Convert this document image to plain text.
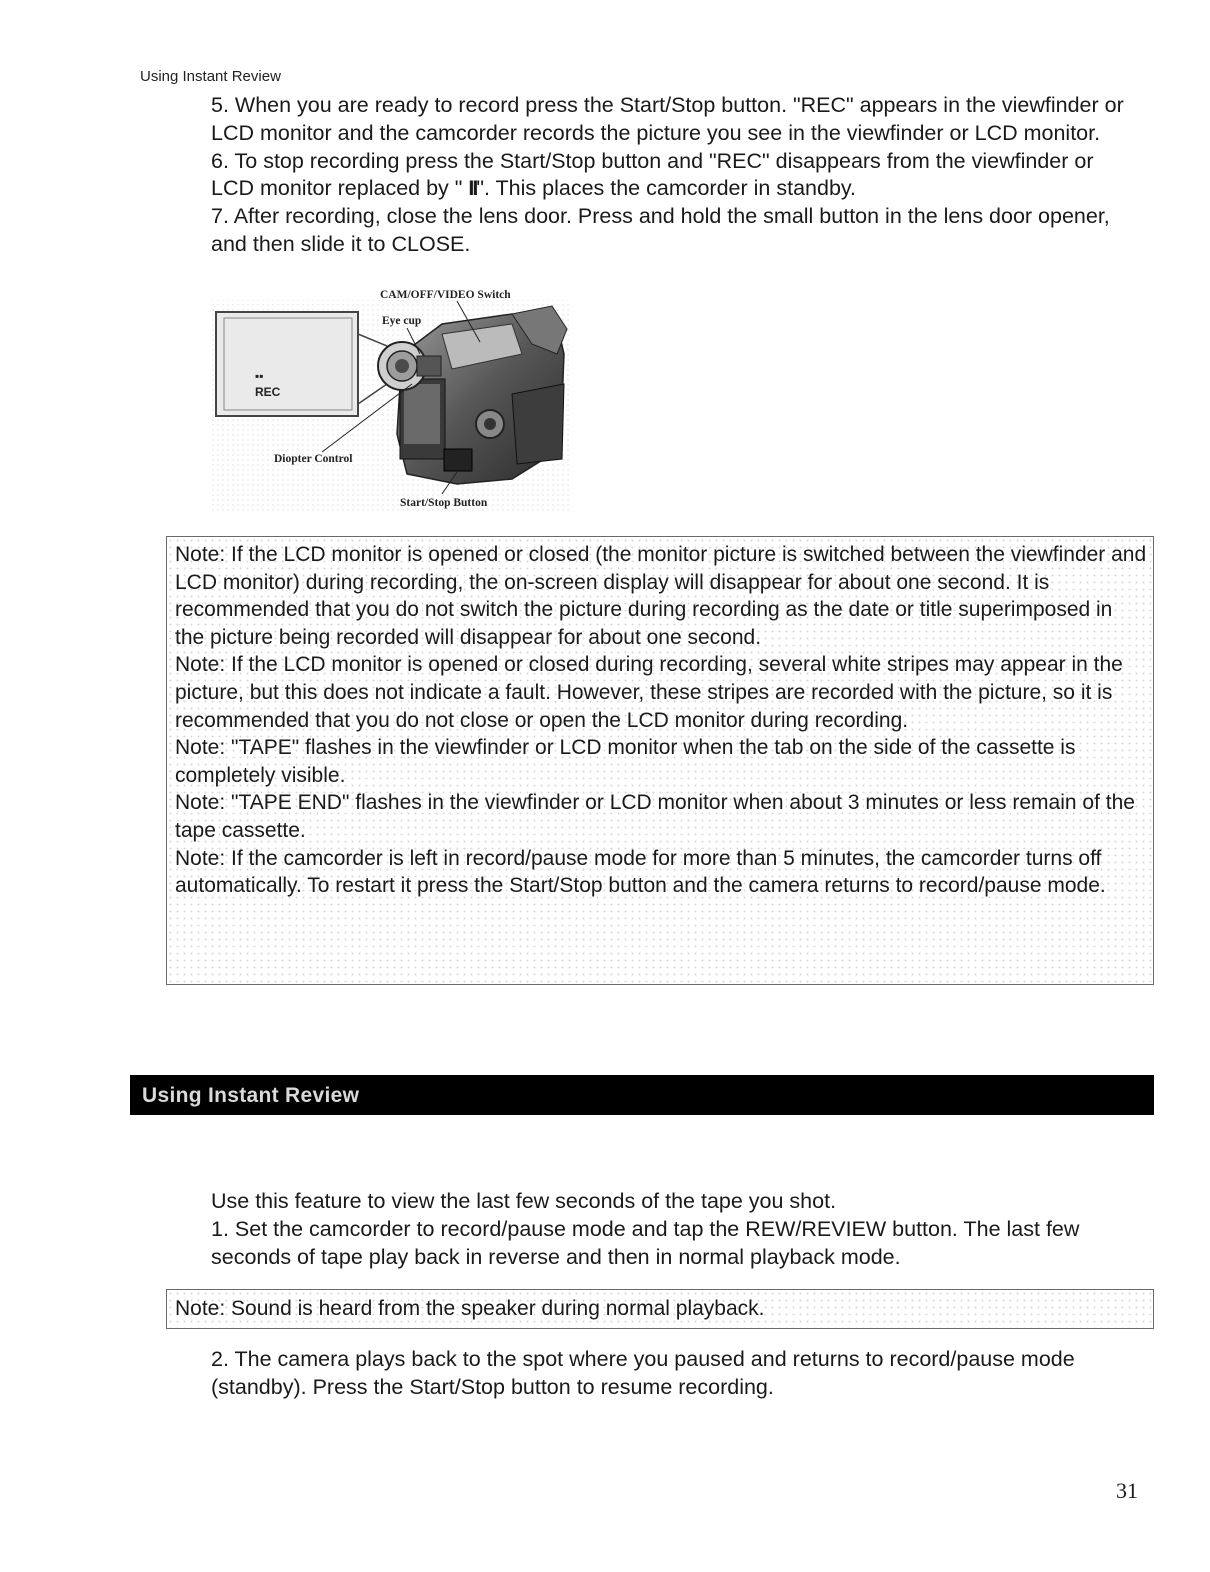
Using Instant Review

5. When you are ready to record press the Start/Stop button. "REC" appears in the viewfinder or LCD monitor and the camcorder records the picture you see in the viewfinder or LCD monitor.

6. To stop recording press the Start/Stop button and "REC" disappears from the viewfinder or LCD monitor replaced by " II". This places the camcorder in standby.

7. After recording, close the lens door. Press and hold the small button in the lens door opener, and then slide it to CLOSE.

▪▪
REC
CAM/OFF/VIDEO Switch
Eye cup
Diopter Control
Start/Stop Button

Note: If the LCD monitor is opened or closed (the monitor picture is switched between the viewfinder and LCD monitor) during recording, the on-screen display will disappear for about one second. It is recommended that you do not switch the picture during recording as the date or title superimposed in the picture being recorded will disappear for about one second.

Note: If the LCD monitor is opened or closed during recording, several white stripes may appear in the picture, but this does not indicate a fault. However, these stripes are recorded with the picture, so it is recommended that you do not close or open the LCD monitor during recording.

Note: "TAPE" flashes in the viewfinder or LCD monitor when the tab on the side of the cassette is completely visible.

Note: "TAPE END" flashes in the viewfinder or LCD monitor when about 3 minutes or less remain of the tape cassette.

Note: If the camcorder is left in record/pause mode for more than 5 minutes, the camcorder turns off automatically. To restart it press the Start/Stop button and the camera returns to record/pause mode.

Using Instant Review

Use this feature to view the last few seconds of the tape you shot.

1. Set the camcorder to record/pause mode and tap the REW/REVIEW button. The last few seconds of tape play back in reverse and then in normal playback mode.

Note: Sound is heard from the speaker during normal playback.

2. The camera plays back to the spot where you paused and returns to record/pause mode (standby). Press the Start/Stop button to resume recording.

31
